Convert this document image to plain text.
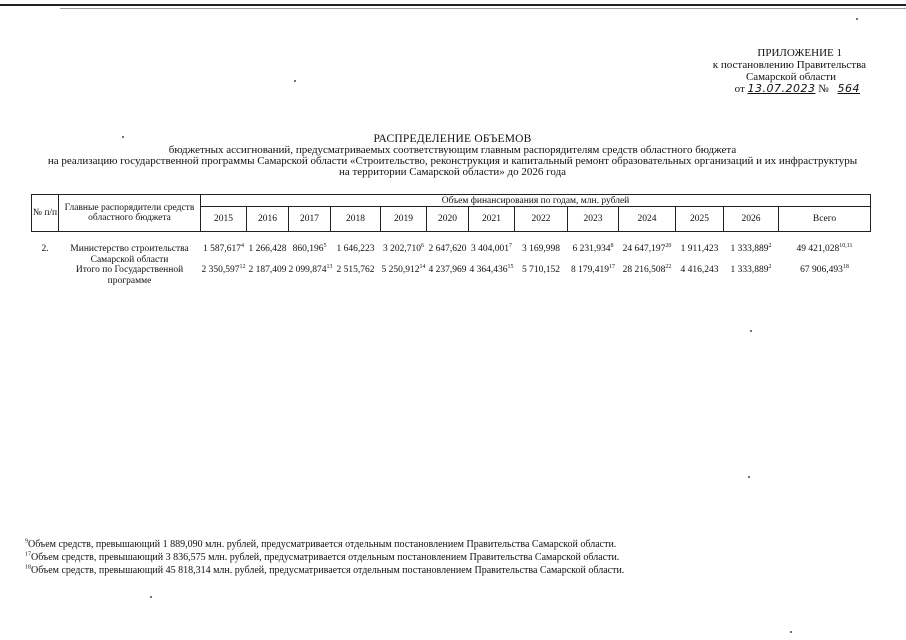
ПРИЛОЖЕНИЕ 1
к постановлению Правительства
Самарской области
от 13.07.2023 № 564
РАСПРЕДЕЛЕНИЕ ОБЪЕМОВ
бюджетных ассигнований, предусматриваемых соответствующим главным распорядителям средств областного бюджета
на реализацию государственной программы Самарской области «Строительство, реконструкция и капитальный ремонт образовательных организаций и их инфраструктуры
на территории Самарской области» до 2026 года
№ п/п	Главные распорядители средств областного бюджета	Объем финансирования по годам, млн. рублей												
		2015	2016	2017	2018	2019	2020	2021	2022	2023	2024	2025	2026	Всего

2.	Министерство строительства Самарской области	1 587,617$^4$	1 266,428	860,196$^5$	1 646,223	3 202,710$^6$	2 647,620	3 404,001$^7$	3 169,998	6 231,934$^8$	24 647,197$^{20}$	1 911,423	1 333,889$^2$	49 421,028$^{10,11}$
	Итого по Государственной программе	2 350,597$^{12}$	2 187,409	2 099,874$^{13}$	2 515,762	5 250,912$^{14}$	4 237,969	4 364,436$^{15}$	5 710,152	8 179,419$^{17}$	28 216,508$^{22}$	4 416,243	1 333,889$^2$	67 906,493$^{18}$
$^9$Объем средств, превышающий 1 889,090 млн. рублей, предусматривается отдельным постановлением Правительства Самарской области.
$^{17}$Объем средств, превышающий 3 836,575 млн. рублей, предусматривается отдельным постановлением Правительства Самарской области.
$^{18}$Объем средств, превышающий 45 818,314 млн. рублей, предусматривается отдельным постановлением Правительства Самарской области.
